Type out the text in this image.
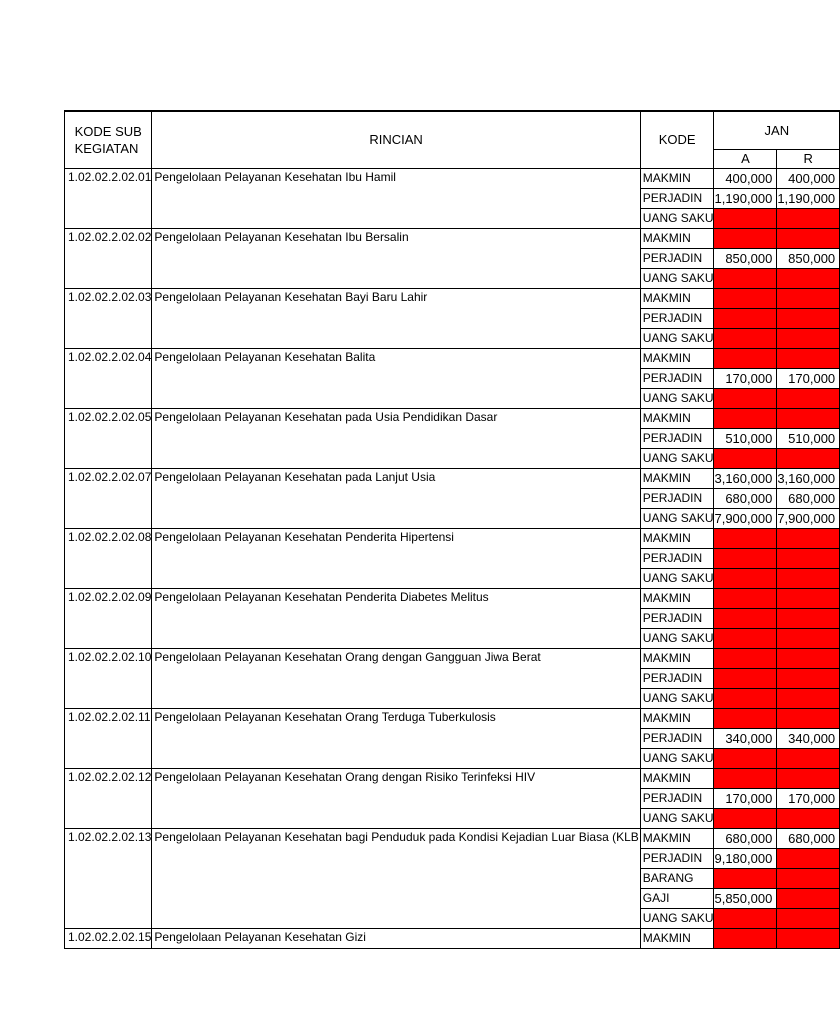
KODE SUB
KEGIATAN	RINCIAN	KODE	JAN	
			A	R
1.02.02.2.02.01	Pengelolaan Pelayanan Kesehatan Ibu Hamil	MAKMIN	400,000	400,000
		PERJADIN	1,190,000	1,190,000
		UANG SAKU		
1.02.02.2.02.02	Pengelolaan Pelayanan Kesehatan Ibu Bersalin	MAKMIN		
		PERJADIN	850,000	850,000
		UANG SAKU		
1.02.02.2.02.03	Pengelolaan Pelayanan Kesehatan Bayi Baru Lahir	MAKMIN		
		PERJADIN		
		UANG SAKU		
1.02.02.2.02.04	Pengelolaan Pelayanan Kesehatan Balita	MAKMIN		
		PERJADIN	170,000	170,000
		UANG SAKU		
1.02.02.2.02.05	Pengelolaan Pelayanan Kesehatan pada Usia Pendidikan Dasar	MAKMIN		
		PERJADIN	510,000	510,000
		UANG SAKU		
1.02.02.2.02.07	Pengelolaan Pelayanan Kesehatan pada Lanjut Usia	MAKMIN	3,160,000	3,160,000
		PERJADIN	680,000	680,000
		UANG SAKU	7,900,000	7,900,000
1.02.02.2.02.08	Pengelolaan Pelayanan Kesehatan Penderita Hipertensi	MAKMIN		
		PERJADIN		
		UANG SAKU		
1.02.02.2.02.09	Pengelolaan Pelayanan Kesehatan Penderita Diabetes Melitus	MAKMIN		
		PERJADIN		
		UANG SAKU		
1.02.02.2.02.10	Pengelolaan Pelayanan Kesehatan Orang dengan Gangguan Jiwa Berat	MAKMIN		
		PERJADIN		
		UANG SAKU		
1.02.02.2.02.11	Pengelolaan Pelayanan Kesehatan Orang Terduga Tuberkulosis	MAKMIN		
		PERJADIN	340,000	340,000
		UANG SAKU		
1.02.02.2.02.12	Pengelolaan Pelayanan Kesehatan Orang dengan Risiko Terinfeksi HIV	MAKMIN		
		PERJADIN	170,000	170,000
		UANG SAKU		
1.02.02.2.02.13	Pengelolaan Pelayanan Kesehatan bagi Penduduk pada Kondisi Kejadian Luar Biasa (KLB	MAKMIN	680,000	680,000
		PERJADIN	9,180,000	
		BARANG		
		GAJI	5,850,000	
		UANG SAKU		
1.02.02.2.02.15	Pengelolaan Pelayanan Kesehatan Gizi	MAKMIN		
